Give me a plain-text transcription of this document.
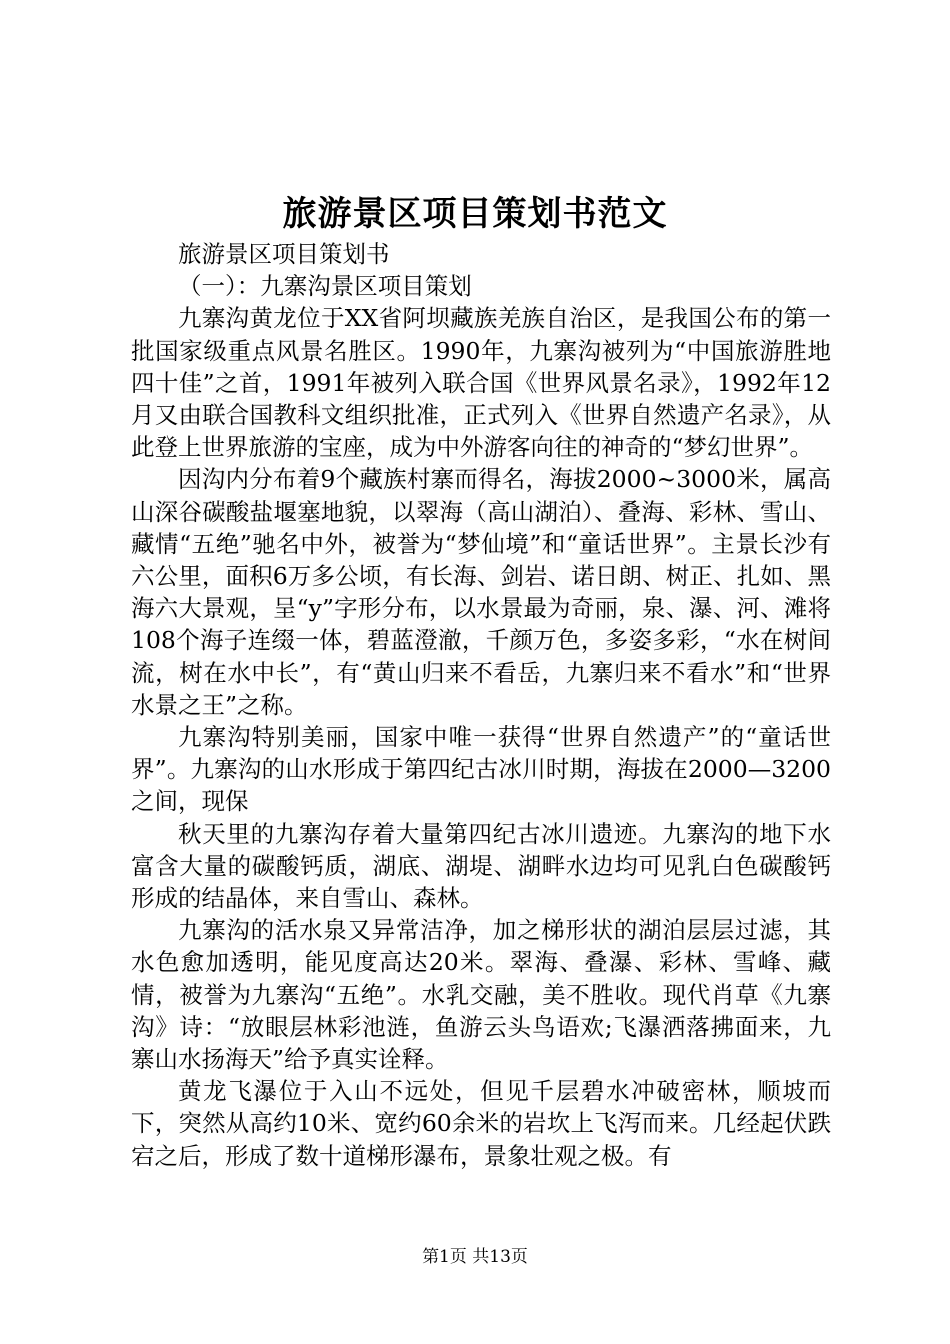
旅游景区项目策划书范文

旅游景区项目策划书

（一）：九寨沟景区项目策划

九寨沟黄龙位于XX省阿坝藏族羌族自治区，是我国公布的第一批国家级重点风景名胜区。1990年，九寨沟被列为“中国旅游胜地四十佳”之首，1991年被列入联合国《世界风景名录》，1992年12月又由联合国教科文组织批准，正式列入《世界自然遗产名录》，从此登上世界旅游的宝座，成为中外游客向往的神奇的“梦幻世界”。

因沟内分布着9个藏族村寨而得名，海拔2000~3000米，属高山深谷碳酸盐堰塞地貌，以翠海（高山湖泊）、叠海、彩林、雪山、藏情“五绝”驰名中外，被誉为“梦仙境”和“童话世界”。主景长沙有六公里，面积6万多公顷，有长海、剑岩、诺日朗、树正、扎如、黑海六大景观，呈“y”字形分布，以水景最为奇丽，泉、瀑、河、滩将108个海子连缀一体，碧蓝澄澈，千颜万色，多姿多彩，“水在树间流，树在水中长”，有“黄山归来不看岳，九寨归来不看水”和“世界水景之王”之称。

九寨沟特别美丽，国家中唯一获得“世界自然遗产”的“童话世界”。九寨沟的山水形成于第四纪古冰川时期，海拔在2000—3200之间，现保

秋天里的九寨沟存着大量第四纪古冰川遗迹。九寨沟的地下水富含大量的碳酸钙质，湖底、湖堤、湖畔水边均可见乳白色碳酸钙形成的结晶体，来自雪山、森林。

九寨沟的活水泉又异常洁净，加之梯形状的湖泊层层过滤，其水色愈加透明，能见度高达20米。翠海、叠瀑、彩林、雪峰、藏情，被誉为九寨沟“五绝”。水乳交融，美不胜收。现代肖草《九寨沟》诗：“放眼层林彩池涟，鱼游云头鸟语欢;飞瀑洒落拂面来，九寨山水扬海天”给予真实诠释。

黄龙飞瀑位于入山不远处，但见千层碧水冲破密林，顺坡而下，突然从高约10米、宽约60余米的岩坎上飞泻而来。几经起伏跌宕之后，形成了数十道梯形瀑布，景象壮观之极。有

第1页 共13页
